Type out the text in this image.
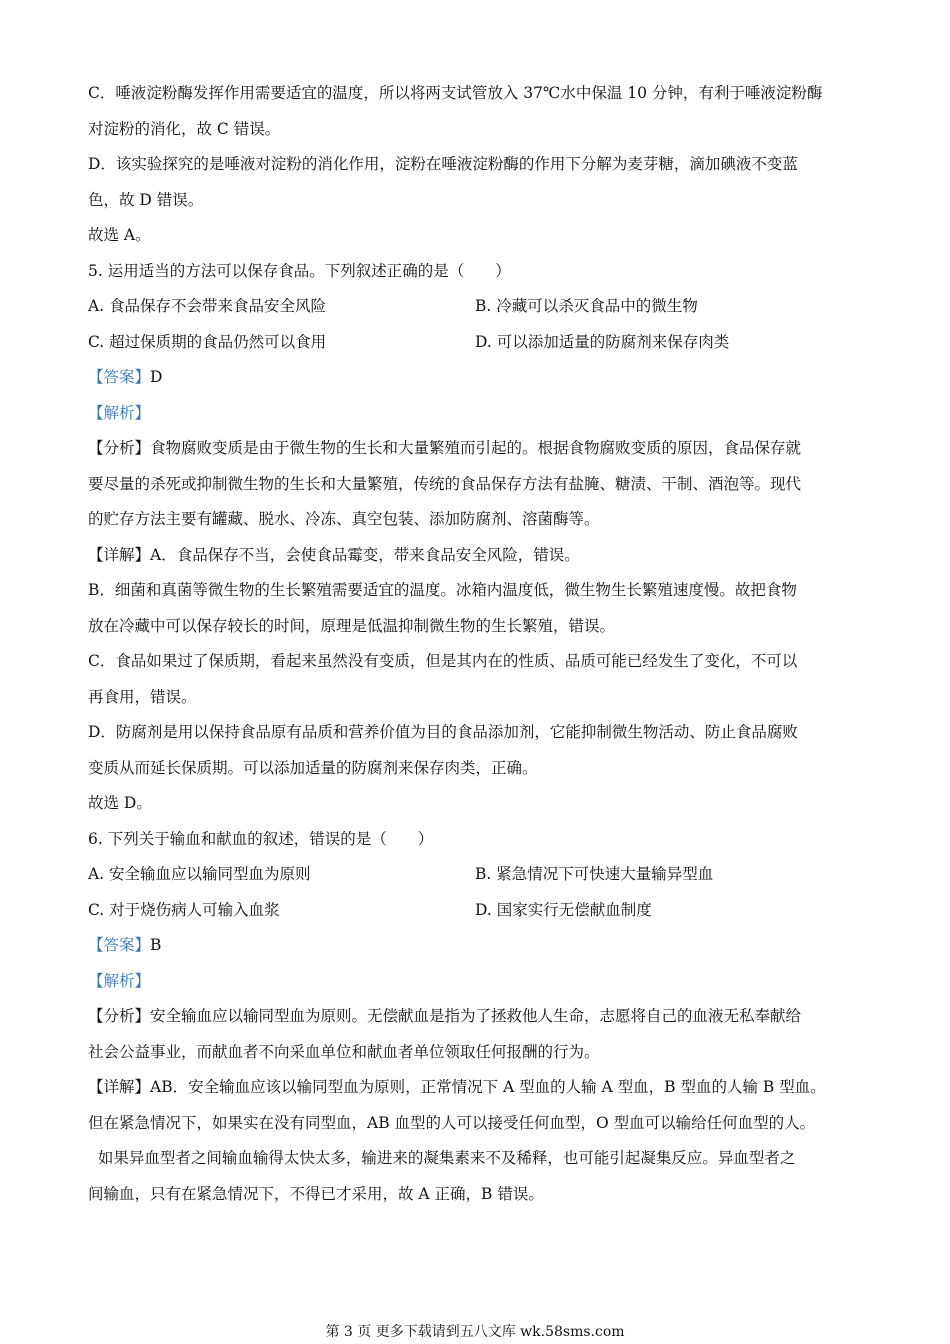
C．唾液淀粉酶发挥作用需要适宜的温度，所以将两支试管放入 37℃水中保温 10 分钟，有利于唾液淀粉酶

对淀粉的消化，故 C 错误。

D．该实验探究的是唾液对淀粉的消化作用，淀粉在唾液淀粉酶的作用下分解为麦芽糖，滴加碘液不变蓝

色，故 D 错误。

故选 A。

5. 运用适当的方法可以保存食品。下列叙述正确的是（　　）

A. 食品保存不会带来食品安全风险	B. 冷藏可以杀灭食品中的微生物
C. 超过保质期的食品仍然可以食用	D. 可以添加适量的防腐剂来保存肉类

【答案】D

【解析】

【分析】食物腐败变质是由于微生物的生长和大量繁殖而引起的。根据食物腐败变质的原因，食品保存就

要尽量的杀死或抑制微生物的生长和大量繁殖，传统的食品保存方法有盐腌、糖渍、干制、酒泡等。现代

的贮存方法主要有罐藏、脱水、冷冻、真空包装、添加防腐剂、溶菌酶等。

【详解】A．食品保存不当，会使食品霉变，带来食品安全风险，错误。

B．细菌和真菌等微生物的生长繁殖需要适宜的温度。冰箱内温度低，微生物生长繁殖速度慢。故把食物

放在冷藏中可以保存较长的时间，原理是低温抑制微生物的生长繁殖，错误。

C．食品如果过了保质期，看起来虽然没有变质，但是其内在的性质、品质可能已经发生了变化，不可以

再食用，错误。

D．防腐剂是用以保持食品原有品质和营养价值为目的食品添加剂，它能抑制微生物活动、防止食品腐败

变质从而延长保质期。可以添加适量的防腐剂来保存肉类，正确。

故选 D。

6. 下列关于输血和献血的叙述，错误的是（　　）

A. 安全输血应以输同型血为原则	B. 紧急情况下可快速大量输异型血
C. 对于烧伤病人可输入血浆	D. 国家实行无偿献血制度

【答案】B

【解析】

【分析】安全输血应以输同型血为原则。无偿献血是指为了拯救他人生命，志愿将自己的血液无私奉献给

社会公益事业，而献血者不向采血单位和献血者单位领取任何报酬的行为。

【详解】AB．安全输血应该以输同型血为原则，正常情况下 A 型血的人输 A 型血，B 型血的人输 B 型血。

但在紧急情况下，如果实在没有同型血，AB 血型的人可以接受任何血型，O 型血可以输给任何血型的人。

如果异血型者之间输血输得太快太多，输进来的凝集素来不及稀释，也可能引起凝集反应。异血型者之

间输血，只有在紧急情况下，不得已才采用，故 A 正确，B 错误。

第 3 页 更多下载请到五八文库 wk.58sms.com
